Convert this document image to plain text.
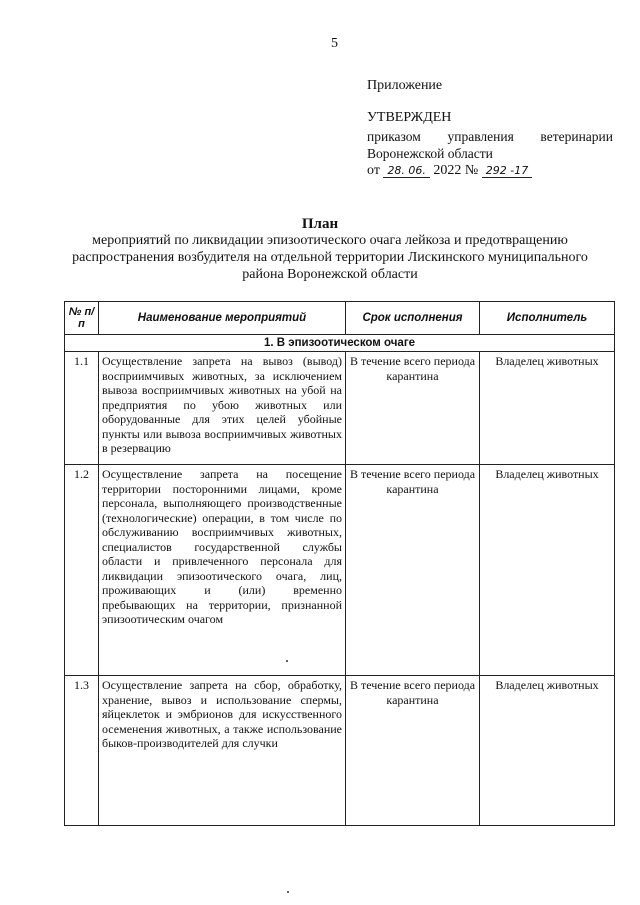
5
Приложение
УТВЕРЖДЕН
приказом управления ветеринарии
Воронежской области
от 28. 06. 2022 № 292 -17
План
мероприятий по ликвидации эпизоотического очага лейкоза и предотвращению распространения возбудителя на отдельной территории Лискинского муниципального района Воронежской области
№ п/п	Наименование мероприятий	Срок исполнения	Исполнитель
1. В эпизоотическом очаге			
1.1	Осуществление запрета на вывоз (вывод) восприимчивых животных, за исключением вывоза восприимчивых животных на убой на предприятия по убою животных или оборудованные для этих целей убойные пункты или вывоза восприимчивых животных в резервацию	В течение всего периода карантина	Владелец животных
1.2	Осуществление запрета на посещение территории посторонними лицами, кроме персонала, выполняющего производственные (технологические) операции, в том числе по обслуживанию восприимчивых животных, специалистов государственной службы области и привлеченного персонала для ликвидации эпизоотического очага, лиц, проживающих и (или) временно пребывающих на территории, признанной эпизоотическим очагом	В течение всего периода карантина	Владелец животных
1.3	Осуществление запрета на сбор, обработку, хранение, вывоз и использование спермы, яйцеклеток и эмбрионов для искусственного осеменения животных, а также использование быков-производителей для случки	В течение всего периода карантина	Владелец животных
